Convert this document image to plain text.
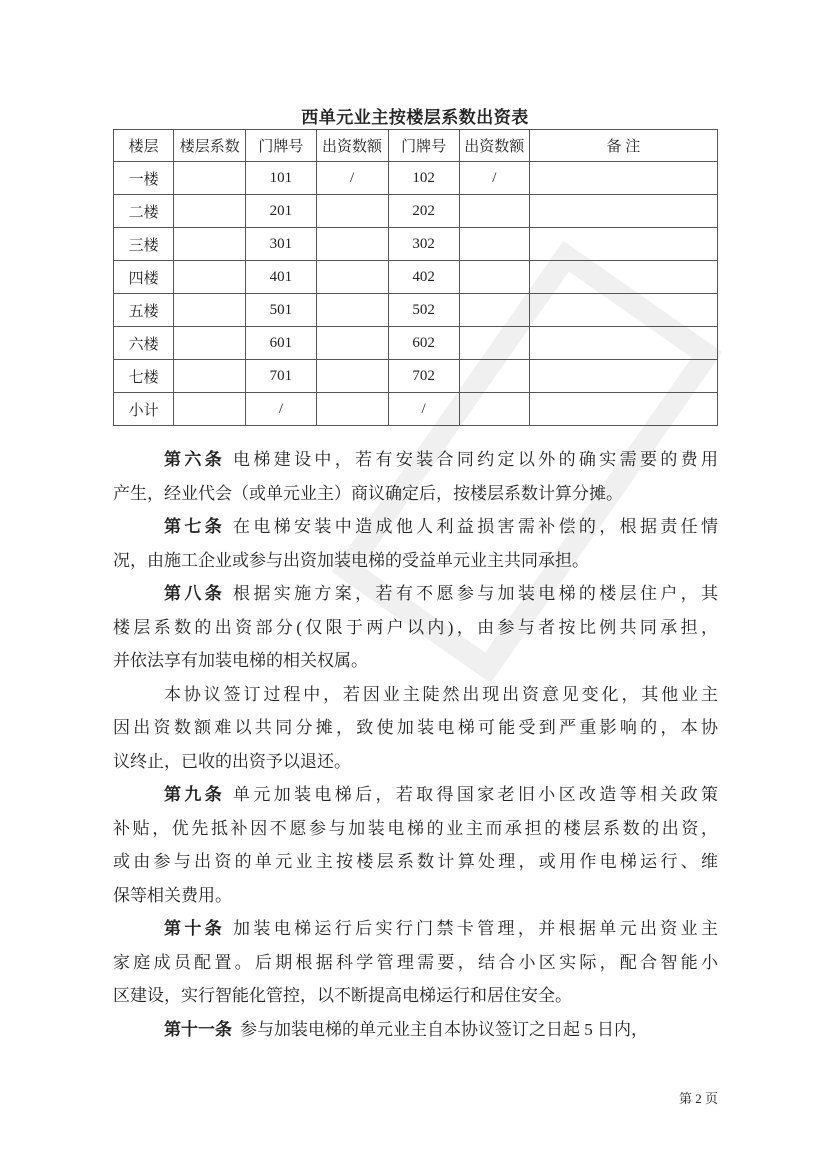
西单元业主按楼层系数出资表
楼层	楼层系数	门牌号	出资数额	门牌号	出资数额	备 注
一楼		101	/	102	/	
二楼		201		202		
三楼		301		302		
四楼		401		402		
五楼		501		502		
六楼		601		602		
七楼		701		702		
小计		/		/		
第六条 电梯建设中，若有安装合同约定以外的确实需要的费用
产生，经业代会（或单元业主）商议确定后，按楼层系数计算分摊。
第七条 在电梯安装中造成他人利益损害需补偿的，根据责任情
况，由施工企业或参与出资加装电梯的受益单元业主共同承担。
第八条 根据实施方案，若有不愿参与加装电梯的楼层住户，其
楼层系数的出资部分(仅限于两户以内)，由参与者按比例共同承担，
并依法享有加装电梯的相关权属。
本协议签订过程中，若因业主陡然出现出资意见变化，其他业主
因出资数额难以共同分摊，致使加装电梯可能受到严重影响的，本协
议终止，已收的出资予以退还。
第九条 单元加装电梯后，若取得国家老旧小区改造等相关政策
补贴，优先抵补因不愿参与加装电梯的业主而承担的楼层系数的出资，
或由参与出资的单元业主按楼层系数计算处理，或用作电梯运行、维
保等相关费用。
第十条 加装电梯运行后实行门禁卡管理，并根据单元出资业主
家庭成员配置。后期根据科学管理需要，结合小区实际，配合智能小
区建设，实行智能化管控，以不断提高电梯运行和居住安全。
第十一条 参与加装电梯的单元业主自本协议签订之日起 5 日内，
第 2 页
